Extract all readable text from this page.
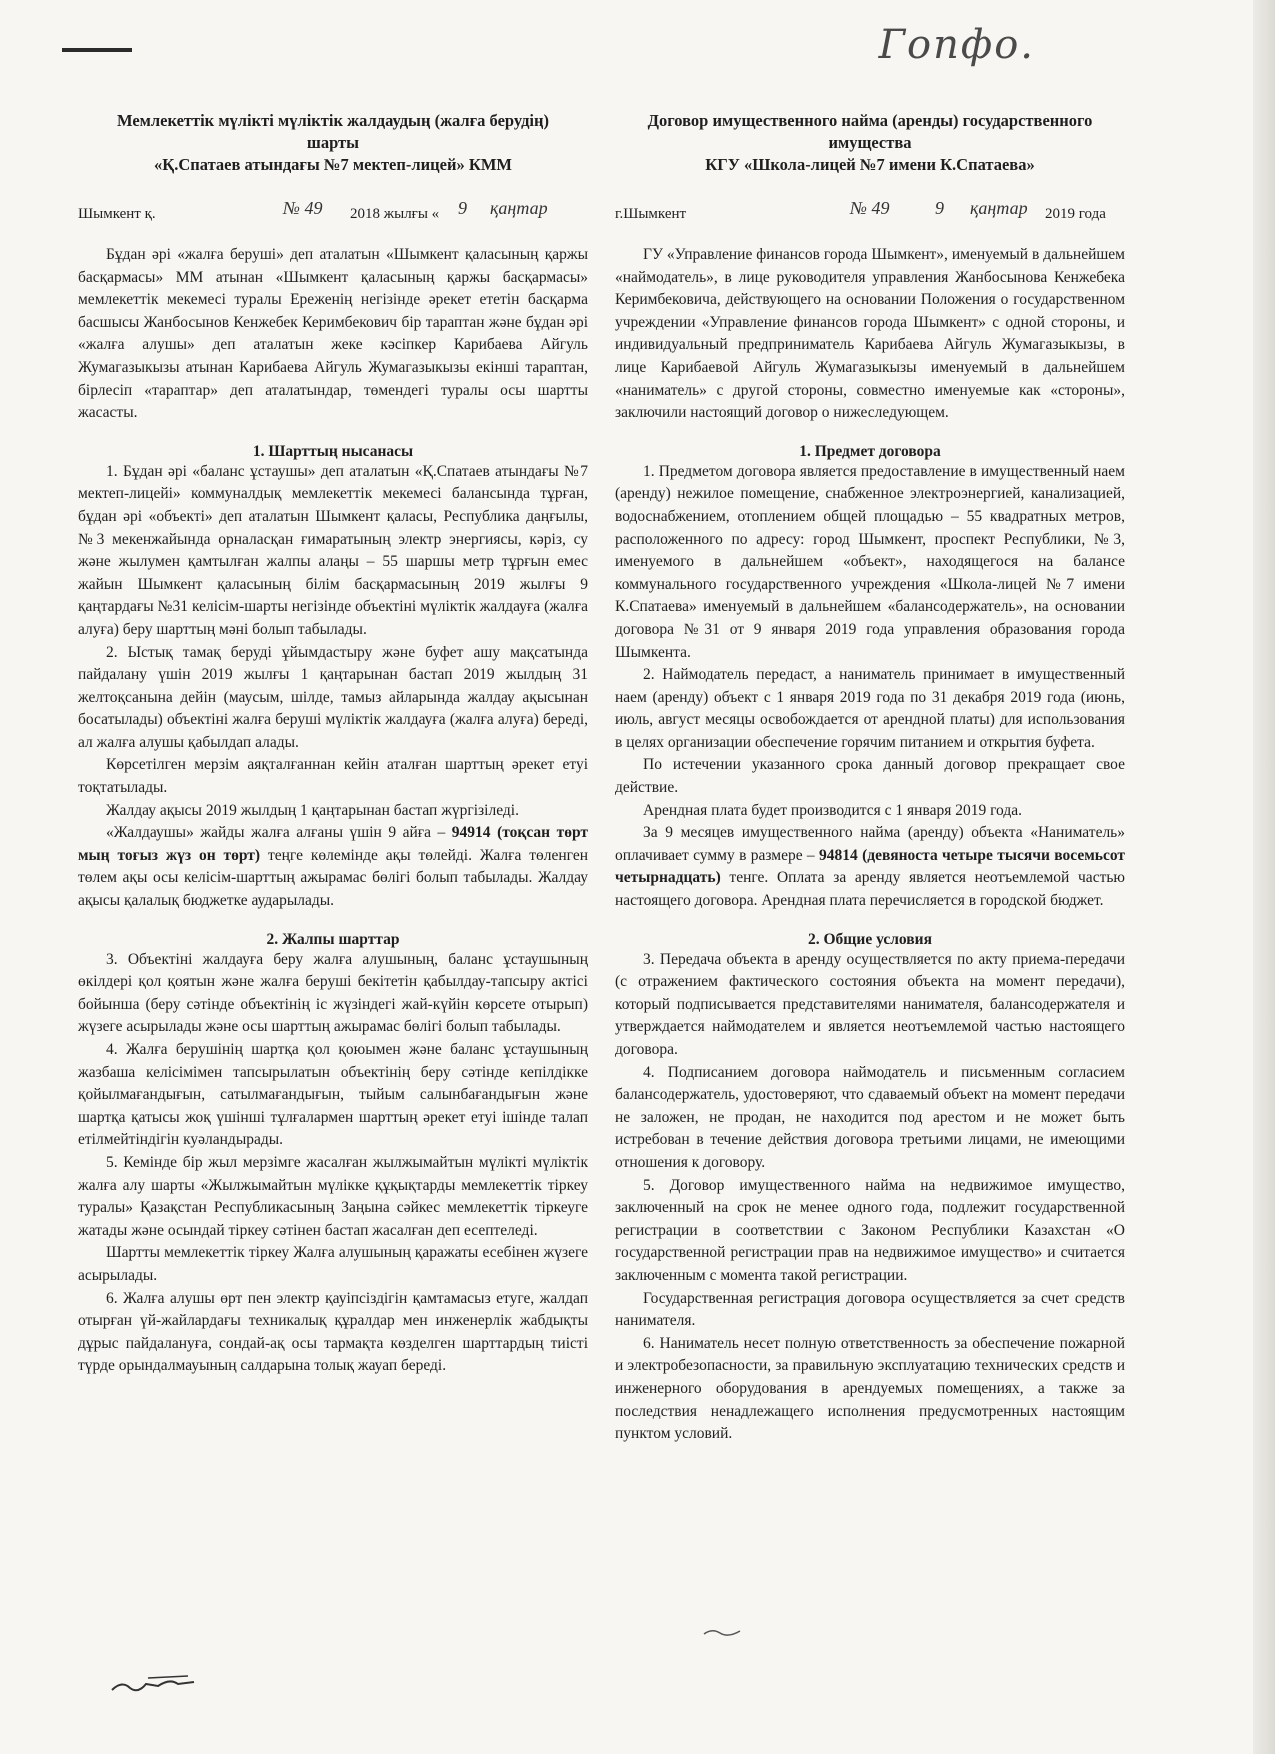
Гопфо.

Мемлекеттік мүлікті мүліктік жалдаудың (жалға берудің)

шарты

«Қ.Спатаев атындағы №7 мектеп-лицей» КММ

Шымкент қ.	№ 49 2018 жылғы « 9 қаңтар

Бұдан әрі «жалға беруші» деп аталатын «Шымкент қаласының қаржы басқармасы» ММ атынан «Шымкент қаласының қаржы басқармасы» мемлекеттік мекемесі туралы Ереженің негізінде әрекет ететін басқарма басшысы Жанбосынов Кенжебек Керимбекович бір тараптан және бұдан әрі «жалға алушы» деп аталатын жеке кәсіпкер Карибаева Айгуль Жумагазыкызы атынан Карибаева Айгуль Жумагазыкызы екінші тараптан, бірлесіп «тараптар» деп аталатындар, төмендегі туралы осы шартты жасасты.

1. Шарттың нысанасы

1. Бұдан әрі «баланс ұстаушы» деп аталатын «Қ.Спатаев атындағы №7 мектеп-лицейі» коммуналдық мемлекеттік мекемесі балансында тұрған, бұдан әрі «объекті» деп аталатын Шымкент қаласы, Республика даңғылы, №3 мекенжайында орналасқан ғимаратының электр энергиясы, кәріз, су және жылумен қамтылған жалпы алаңы – 55 шаршы метр тұрғын емес жайын Шымкент қаласының білім басқармасының 2019 жылғы 9 қаңтардағы №31 келісім-шарты негізінде объектіні мүліктік жалдауға (жалға алуға) беру шарттың мәні болып табылады.

2. Ыстық тамақ беруді ұйымдастыру және буфет ашу мақсатында пайдалану үшін 2019 жылғы 1 қаңтарынан бастап 2019 жылдың 31 желтоқсанына дейін (маусым, шілде, тамыз айларында жалдау ақысынан босатылады) объектіні жалға беруші мүліктік жалдауға (жалға алуға) береді, ал жалға алушы қабылдап алады.

Көрсетілген мерзім аяқталғаннан кейін аталған шарттың әрекет етуі тоқтатылады.

Жалдау ақысы 2019 жылдың 1 қаңтарынан бастап жүргізіледі.

«Жалдаушы» жайды жалға алғаны үшін 9 айға – 94914 (тоқсан төрт мың тоғыз жүз он төрт) теңге көлемінде ақы төлейді. Жалға төленген төлем ақы осы келісім-шарттың ажырамас бөлігі болып табылады. Жалдау ақысы қалалық бюджетке аударылады.

2. Жалпы шарттар

3. Объектіні жалдауға беру жалға алушының, баланс ұстаушының өкілдері қол қоятын және жалға беруші бекітетін қабылдау-тапсыру актісі бойынша (беру сәтінде объектінің іс жүзіндегі жай-күйін көрсете отырып) жүзеге асырылады және осы шарттың ажырамас бөлігі болып табылады.

4. Жалға берушінің шартқа қол қоюымен және баланс ұстаушының жазбаша келісімімен тапсырылатын объектінің беру сәтінде кепілдікке қойылмағандығын, сатылмағандығын, тыйым салынбағандығын және шартқа қатысы жоқ үшінші тұлғалармен шарттың әрекет етуі ішінде талап етілмейтіндігін куәландырады.

5. Кемінде бір жыл мерзімге жасалған жылжымайтын мүлікті мүліктік жалға алу шарты «Жылжымайтын мүлікке құқықтарды мемлекеттік тіркеу туралы» Қазақстан Республикасының Заңына сәйкес мемлекеттік тіркеуге жатады және осындай тіркеу сәтінен бастап жасалған деп есептеледі.

Шартты мемлекеттік тіркеу Жалға алушының қаражаты есебінен жүзеге асырылады.

6. Жалға алушы өрт пен электр қауіпсіздігін қамтамасыз етуге, жалдап отырған үй-жайлардағы техникалық құралдар мен инженерлік жабдықты дұрыс пайдалануға, сондай-ақ осы тармақта көзделген шарттардың тиісті түрде орындалмауының салдарына толық жауап береді.

Договор имущественного найма (аренды) государственного

имущества

КГУ «Школа-лицей №7 имени К.Спатаева»

г.Шымкент	№ 49	9 қаңтар 2019 года

ГУ «Управление финансов города Шымкент», именуемый в дальнейшем «наймодатель», в лице руководителя управления Жанбосынова Кенжебека Керимбековича, действующего на основании Положения о государственном учреждении «Управление финансов города Шымкент» с одной стороны, и индивидуальный предприниматель Карибаева Айгуль Жумагазыкызы, в лице Карибаевой Айгуль Жумагазыкызы именуемый в дальнейшем «наниматель» с другой стороны, совместно именуемые как «стороны», заключили настоящий договор о нижеследующем.

1. Предмет договора

1. Предметом договора является предоставление в имущественный наем (аренду) нежилое помещение, снабженное электроэнергией, канализацией, водоснабжением, отоплением общей площадью – 55 квадратных метров, расположенного по адресу: город Шымкент, проспект Республики, №3, именуемого в дальнейшем «объект», находящегося на балансе коммунального государственного учреждения «Школа-лицей №7 имени К.Спатаева» именуемый в дальнейшем «балансодержатель», на основании договора №31 от 9 января 2019 года управления образования города Шымкента.

2. Наймодатель передаст, а наниматель принимает в имущественный наем (аренду) объект с 1 января 2019 года по 31 декабря 2019 года (июнь, июль, август месяцы освобождается от арендной платы) для использования в целях организации обеспечение горячим питанием и открытия буфета.

По истечении указанного срока данный договор прекращает свое действие.

Арендная плата будет производится с 1 января 2019 года.

За 9 месяцев имущественного найма (аренду) объекта «Наниматель» оплачивает сумму в размере – 94814 (девяноста четыре тысячи восемьсот четырнадцать) тенге. Оплата за аренду является неотъемлемой частью настоящего договора. Арендная плата перечисляется в городской бюджет.

2. Общие условия

3. Передача объекта в аренду осуществляется по акту приема-передачи (с отражением фактического состояния объекта на момент передачи), который подписывается представителями нанимателя, балансодержателя и утверждается наймодателем и является неотъемлемой частью настоящего договора.

4. Подписанием договора наймодатель и письменным согласием балансодержатель, удостоверяют, что сдаваемый объект на момент передачи не заложен, не продан, не находится под арестом и не может быть истребован в течение действия договора третьими лицами, не имеющими отношения к договору.

5. Договор имущественного найма на недвижимое имущество, заключенный на срок не менее одного года, подлежит государственной регистрации в соответствии с Законом Республики Казахстан «О государственной регистрации прав на недвижимое имущество» и считается заключенным с момента такой регистрации.

Государственная регистрация договора осуществляется за счет средств нанимателя.

6. Наниматель несет полную ответственность за обеспечение пожарной и электробезопасности, за правильную эксплуатацию технических средств и инженерного оборудования в арендуемых помещениях, а также за последствия ненадлежащего исполнения предусмотренных настоящим пунктом условий.
